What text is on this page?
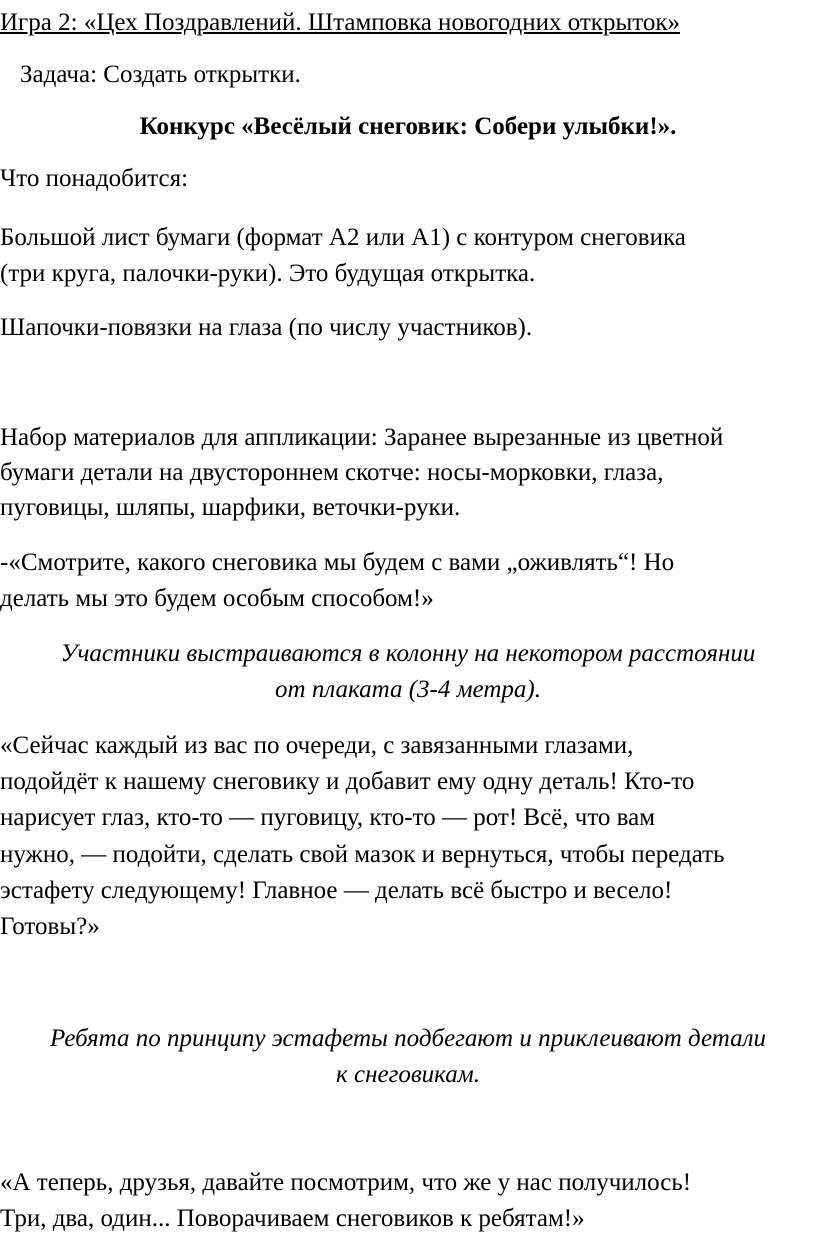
Игра 2: «Цех Поздравлений. Штамповка новогодних открыток»
Задача: Создать открытки.
Конкурс «Весёлый снеговик: Собери улыбки!».
Что понадобится:
Большой лист бумаги (формат А2 или А1) с контуром снеговика
(три круга, палочки-руки). Это будущая открытка.
Шапочки-повязки на глаза (по числу участников).
Набор материалов для аппликации: Заранее вырезанные из цветной
бумаги детали на двустороннем скотче: носы-морковки, глаза,
пуговицы, шляпы, шарфики, веточки-руки.
-«Смотрите, какого снеговика мы будем с вами „оживлять“! Но
делать мы это будем особым способом!»
Участники выстраиваются в колонну на некотором расстоянии
от плаката (3-4 метра).
«Сейчас каждый из вас по очереди, с завязанными глазами,
подойдёт к нашему снеговику и добавит ему одну деталь! Кто-то
нарисует глаз, кто-то — пуговицу, кто-то — рот! Всё, что вам
нужно, — подойти, сделать свой мазок и вернуться, чтобы передать
эстафету следующему! Главное — делать всё быстро и весело!
Готовы?»
Ребята по принципу эстафеты подбегают и приклеивают детали
к снеговикам.
«А теперь, друзья, давайте посмотрим, что же у нас получилось!
Три, два, один... Поворачиваем снеговиков к ребятам!»
